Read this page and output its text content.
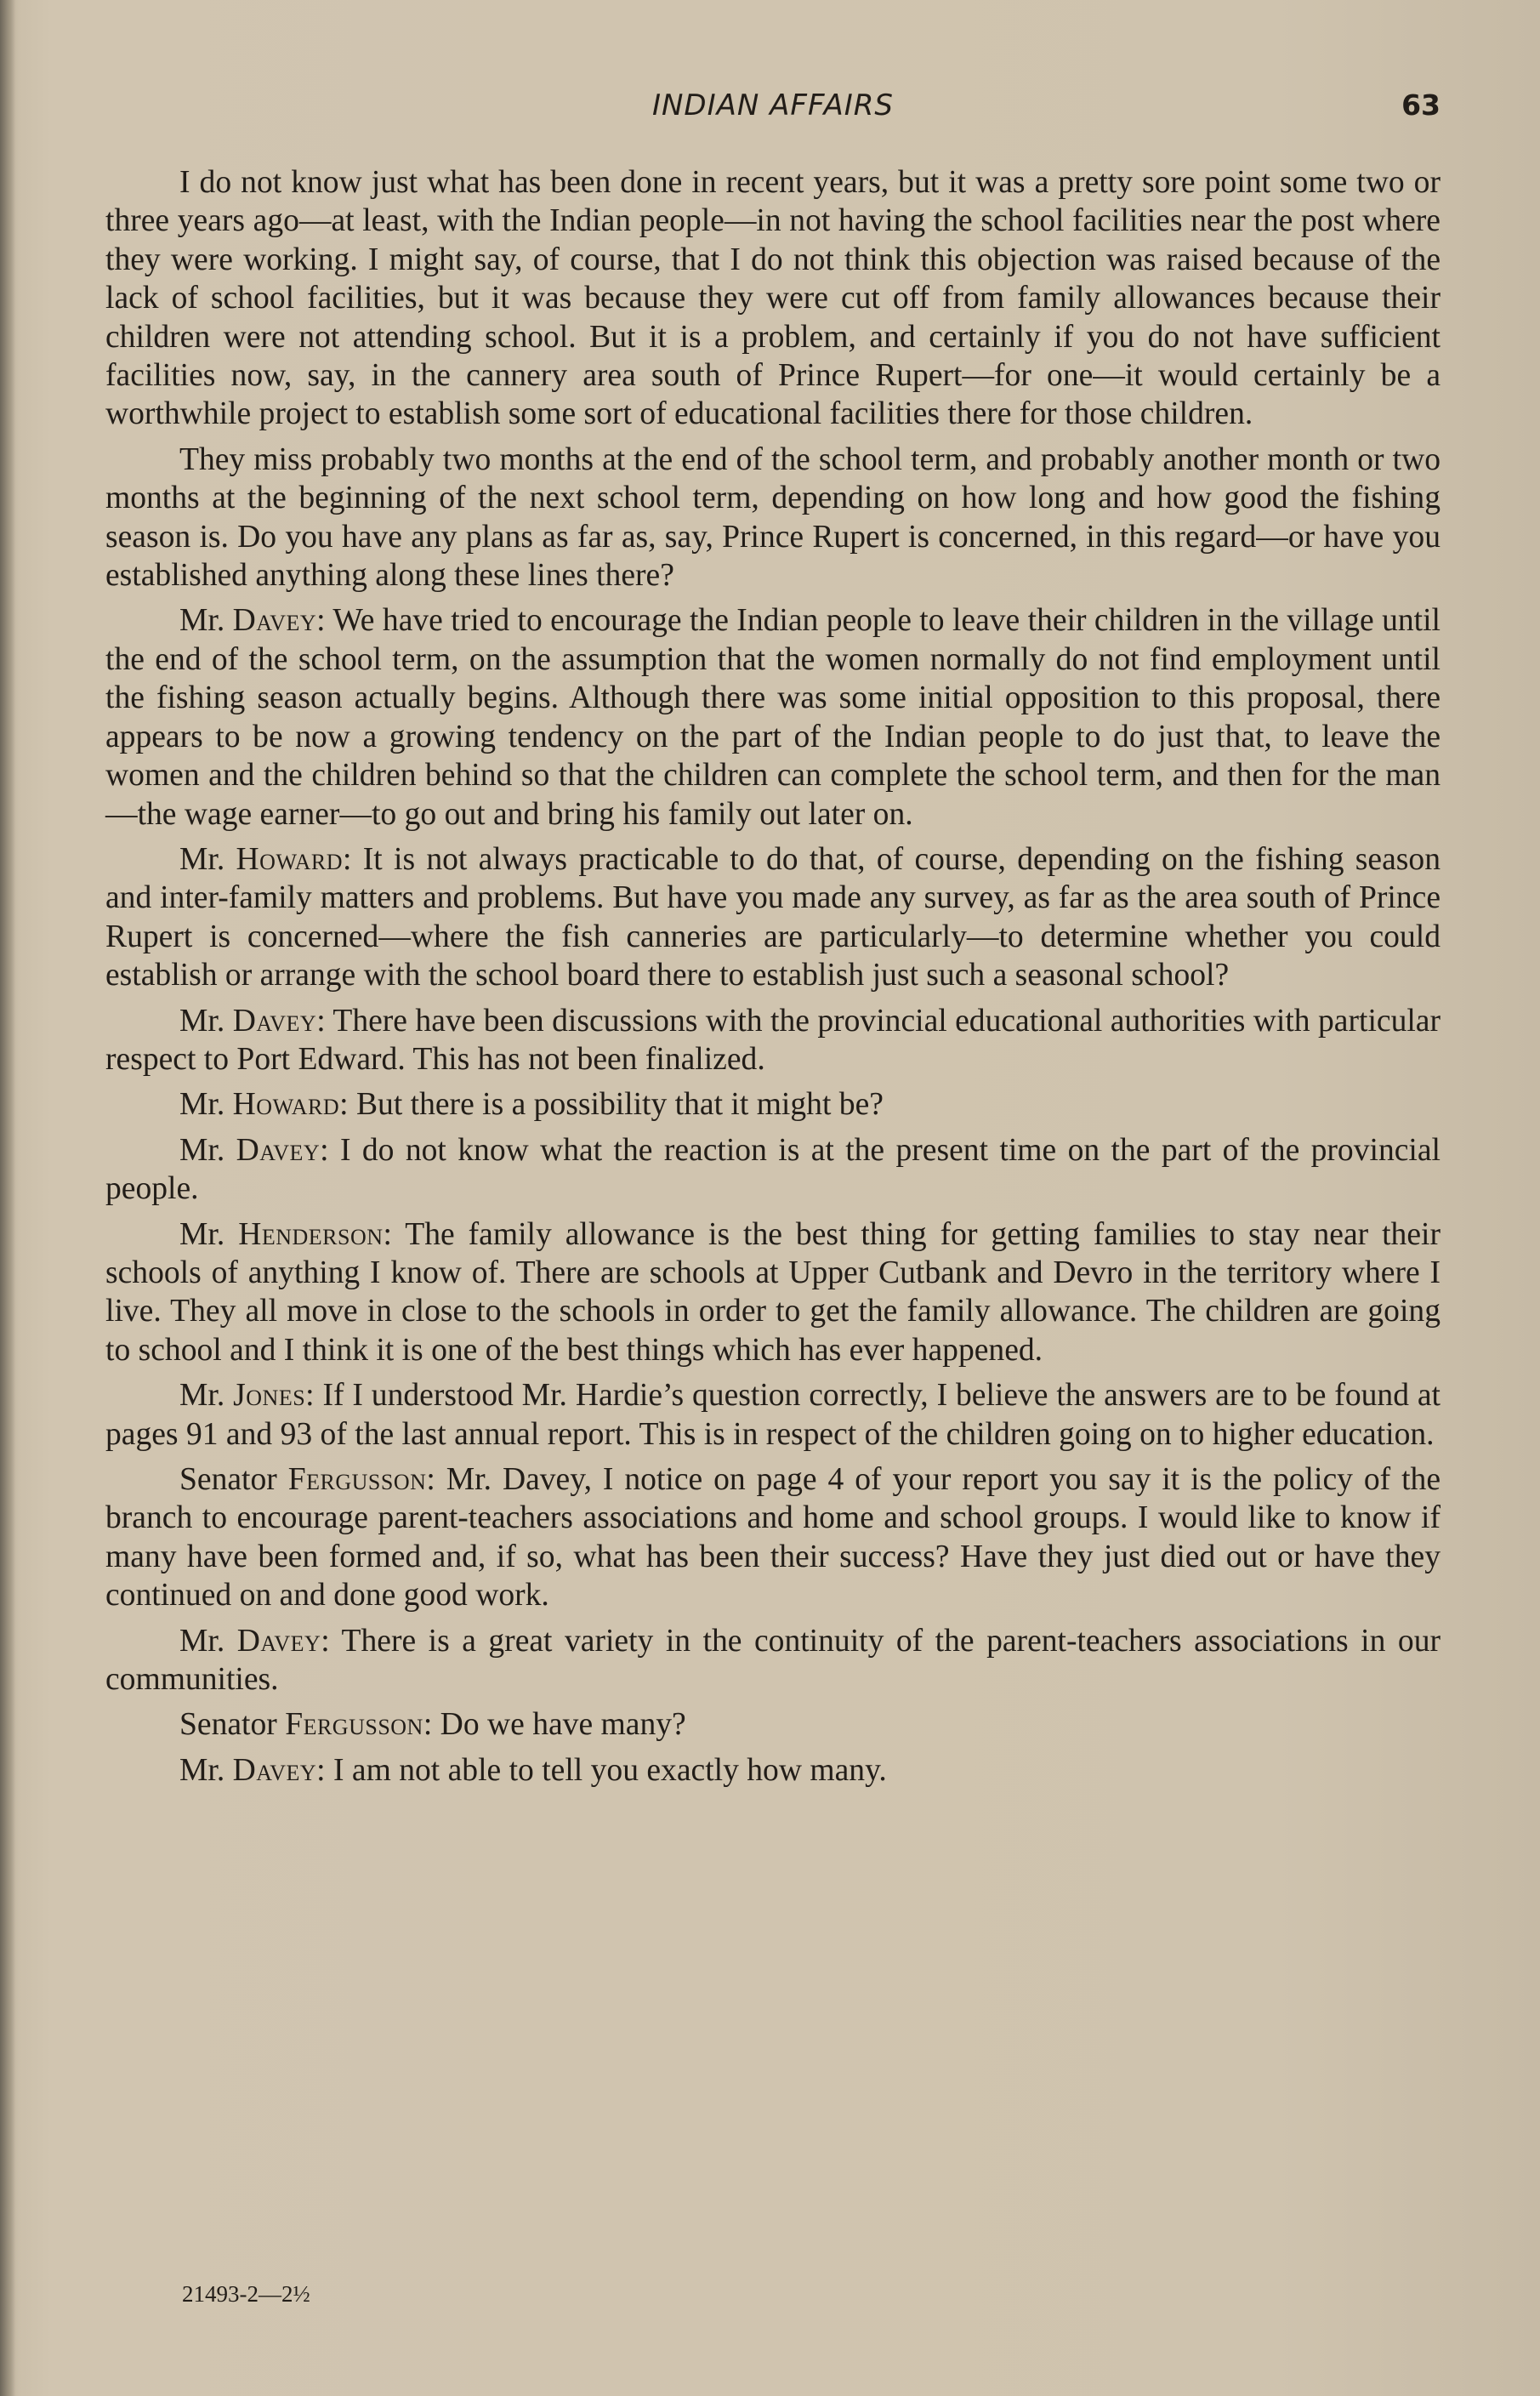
INDIAN AFFAIRS	63

I do not know just what has been done in recent years, but it was a pretty sore point some two or three years ago—at least, with the Indian people—in not having the school facilities near the post where they were working. I might say, of course, that I do not think this objection was raised because of the lack of school facilities, but it was because they were cut off from family allowances because their children were not attending school. But it is a problem, and certainly if you do not have sufficient facilities now, say, in the cannery area south of Prince Rupert—for one—it would certainly be a worthwhile project to establish some sort of educational facilities there for those children.

They miss probably two months at the end of the school term, and probably another month or two months at the beginning of the next school term, depending on how long and how good the fishing season is. Do you have any plans as far as, say, Prince Rupert is concerned, in this regard—or have you established anything along these lines there?

Mr. Davey: We have tried to encourage the Indian people to leave their children in the village until the end of the school term, on the assumption that the women normally do not find employment until the fishing season actually begins. Although there was some initial opposition to this proposal, there appears to be now a growing tendency on the part of the Indian people to do just that, to leave the women and the children behind so that the children can complete the school term, and then for the man—the wage earner—to go out and bring his family out later on.

Mr. Howard: It is not always practicable to do that, of course, depending on the fishing season and inter-family matters and problems. But have you made any survey, as far as the area south of Prince Rupert is concerned—where the fish canneries are particularly—to determine whether you could establish or arrange with the school board there to establish just such a seasonal school?

Mr. Davey: There have been discussions with the provincial educational authorities with particular respect to Port Edward. This has not been finalized.

Mr. Howard: But there is a possibility that it might be?

Mr. Davey: I do not know what the reaction is at the present time on the part of the provincial people.

Mr. Henderson: The family allowance is the best thing for getting families to stay near their schools of anything I know of. There are schools at Upper Cutbank and Devro in the territory where I live. They all move in close to the schools in order to get the family allowance. The children are going to school and I think it is one of the best things which has ever happened.

Mr. Jones: If I understood Mr. Hardie’s question correctly, I believe the answers are to be found at pages 91 and 93 of the last annual report. This is in respect of the children going on to higher education.

Senator Fergusson: Mr. Davey, I notice on page 4 of your report you say it is the policy of the branch to encourage parent-teachers associations and home and school groups. I would like to know if many have been formed and, if so, what has been their success? Have they just died out or have they continued on and done good work.

Mr. Davey: There is a great variety in the continuity of the parent-teachers associations in our communities.

Senator Fergusson: Do we have many?

Mr. Davey: I am not able to tell you exactly how many.

21493-2—2½
